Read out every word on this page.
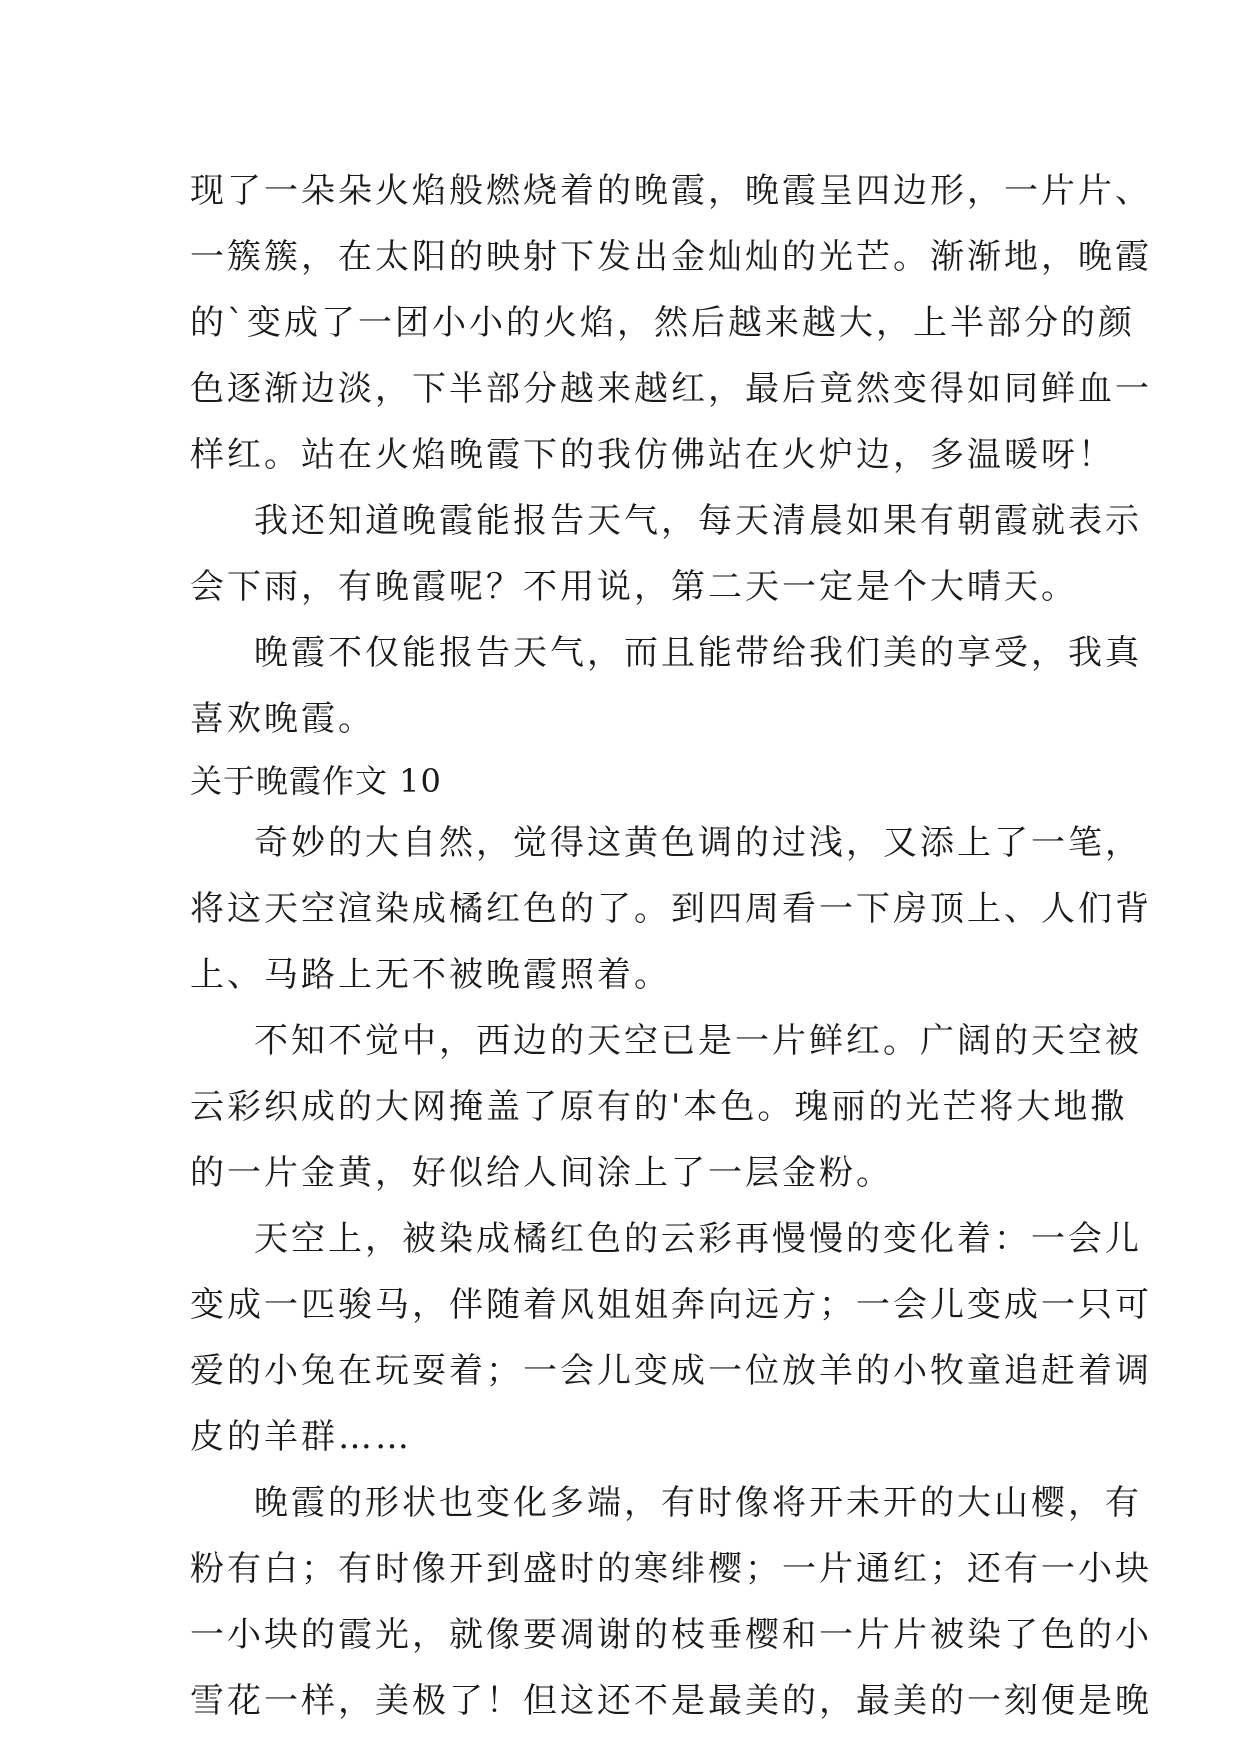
现了一朵朵火焰般燃烧着的晚霞，晚霞呈四边形，一片片、
一簇簇，在太阳的映射下发出金灿灿的光芒。渐渐地，晚霞
的`变成了一团小小的火焰，然后越来越大，上半部分的颜
色逐渐边淡，下半部分越来越红，最后竟然变得如同鲜血一
样红。站在火焰晚霞下的我仿佛站在火炉边，多温暖呀！
我还知道晚霞能报告天气，每天清晨如果有朝霞就表示
会下雨，有晚霞呢？不用说，第二天一定是个大晴天。
晚霞不仅能报告天气，而且能带给我们美的享受，我真
喜欢晚霞。
关于晚霞作文 10
奇妙的大自然，觉得这黄色调的过浅，又添上了一笔，
将这天空渲染成橘红色的了。到四周看一下房顶上、人们背
上、马路上无不被晚霞照着。
不知不觉中，西边的天空已是一片鲜红。广阔的天空被
云彩织成的大网掩盖了原有的'本色。瑰丽的光芒将大地撒
的一片金黄，好似给人间涂上了一层金粉。
天空上，被染成橘红色的云彩再慢慢的变化着：一会儿
变成一匹骏马，伴随着风姐姐奔向远方；一会儿变成一只可
爱的小兔在玩耍着；一会儿变成一位放羊的小牧童追赶着调
皮的羊群……
晚霞的形状也变化多端，有时像将开未开的大山樱，有
粉有白；有时像开到盛时的寒绯樱；一片通红；还有一小块
一小块的霞光，就像要凋谢的枝垂樱和一片片被染了色的小
雪花一样，美极了！但这还不是最美的，最美的一刻便是晚
